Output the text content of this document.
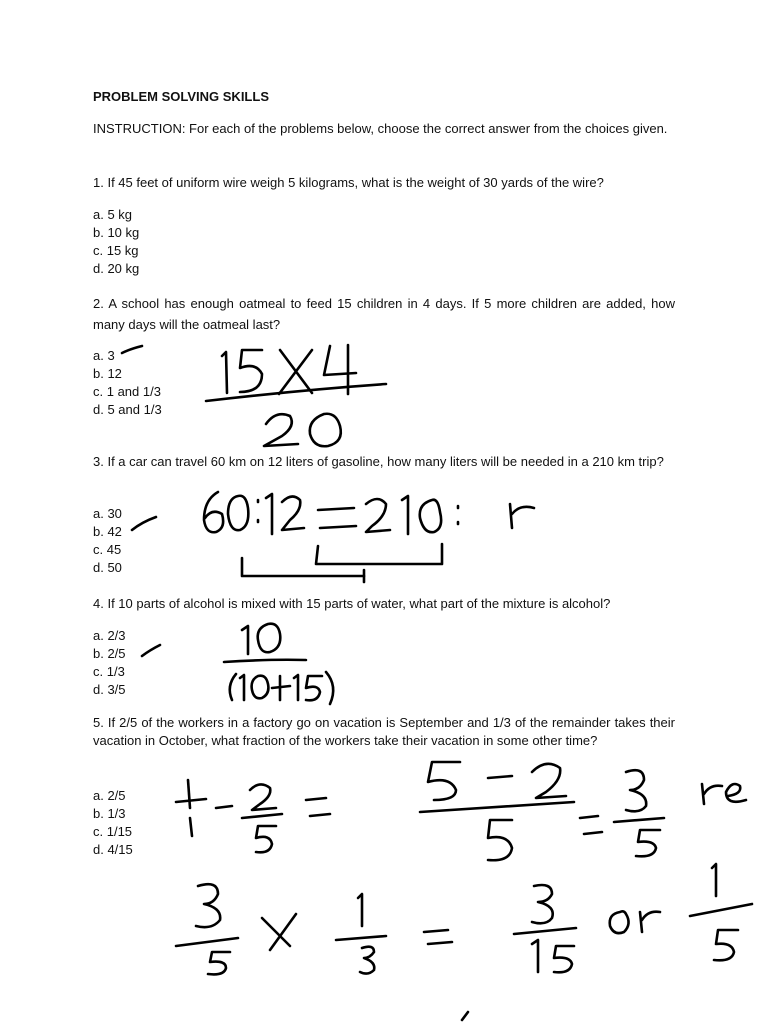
PROBLEM SOLVING SKILLS
INSTRUCTION: For each of the problems below, choose the correct answer from the choices given.
1. If 45 feet of uniform wire weigh 5 kilograms, what is the weight of 30 yards of the wire?
a. 5 kg
b. 10 kg
c. 15 kg
d. 20 kg
2. A school has enough oatmeal to feed 15 children in 4 days. If 5 more children are added, how many days will the oatmeal last?
a. 3
b. 12
c. 1 and 1/3
d. 5 and 1/3
3. If a car can travel 60 km on 12 liters of gasoline, how many liters will be needed in a 210 km trip?
a. 30
b. 42
c. 45
d. 50
4. If 10 parts of alcohol is mixed with 15 parts of water, what part of the mixture is alcohol?
a. 2/3
b. 2/5
c. 1/3
d. 3/5
5. If 2/5 of the workers in a factory go on vacation is September and 1/3 of the remainder takes their vacation in October, what fraction of the workers take their vacation in some other time?
a. 2/5
b. 1/3
c. 1/15
d. 4/15
